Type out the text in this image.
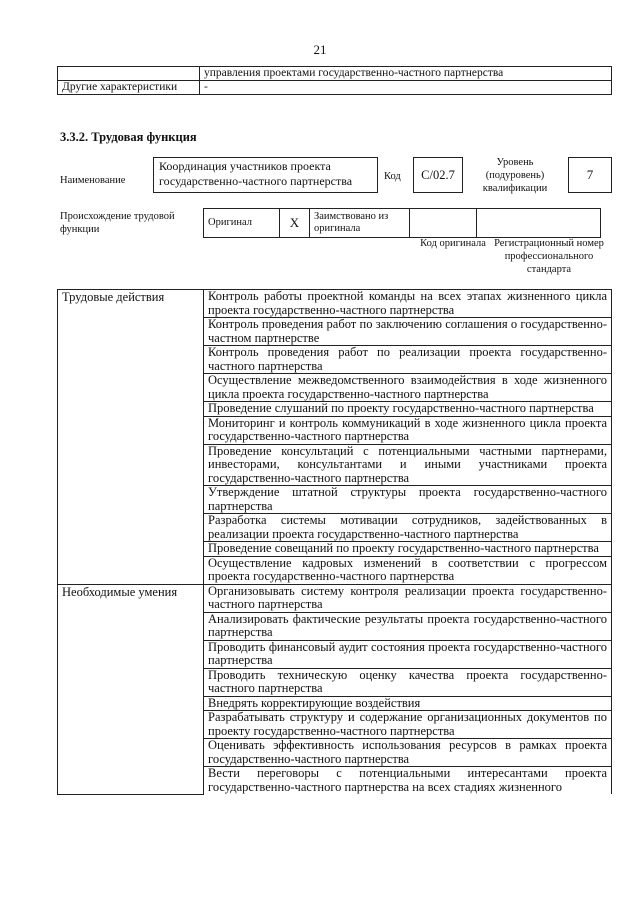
21
	управления проектами государственно-частного партнерства
Другие характеристики	-
3.3.2. Трудовая функция
Наименование
Координация участников проекта государственно-частного партнерства	Код	C/02.7
Уровень (подуровень) квалификации
7
Происхождение трудовой функции
Оригинал	X	Заимствовано из оригинала		
Код оригинала Регистрационный номер профессионального стандарта
Трудовые действия	Контроль работы проектной команды на всех этапах жизненного цикла проекта государственно-частного партнерства
	Контроль проведения работ по заключению соглашения о государственно-частном партнерстве
	Контроль проведения работ по реализации проекта государственно-частного партнерства
	Осуществление межведомственного взаимодействия в ходе жизненного цикла проекта государственно-частного партнерства
	Проведение слушаний по проекту государственно-частного партнерства
	Мониторинг и контроль коммуникаций в ходе жизненного цикла проекта государственно-частного партнерства
	Проведение консультаций с потенциальными частными партнерами, инвесторами, консультантами и иными участниками проекта государственно-частного партнерства
	Утверждение штатной структуры проекта государственно-частного партнерства
	Разработка системы мотивации сотрудников, задействованных в реализации проекта государственно-частного партнерства
	Проведение совещаний по проекту государственно-частного партнерства
	Осуществление кадровых изменений в соответствии с прогрессом проекта государственно-частного партнерства
Необходимые умения	Организовывать систему контроля реализации проекта государственно-частного партнерства
	Анализировать фактические результаты проекта государственно-частного партнерства
	Проводить финансовый аудит состояния проекта государственно-частного партнерства
	Проводить техническую оценку качества проекта государственно-частного партнерства
	Внедрять корректирующие воздействия
	Разрабатывать структуру и содержание организационных документов по проекту государственно-частного партнерства
	Оценивать эффективность использования ресурсов в рамках проекта государственно-частного партнерства
	Вести переговоры с потенциальными интересантами проекта государственно-частного партнерства на всех стадиях жизненного
